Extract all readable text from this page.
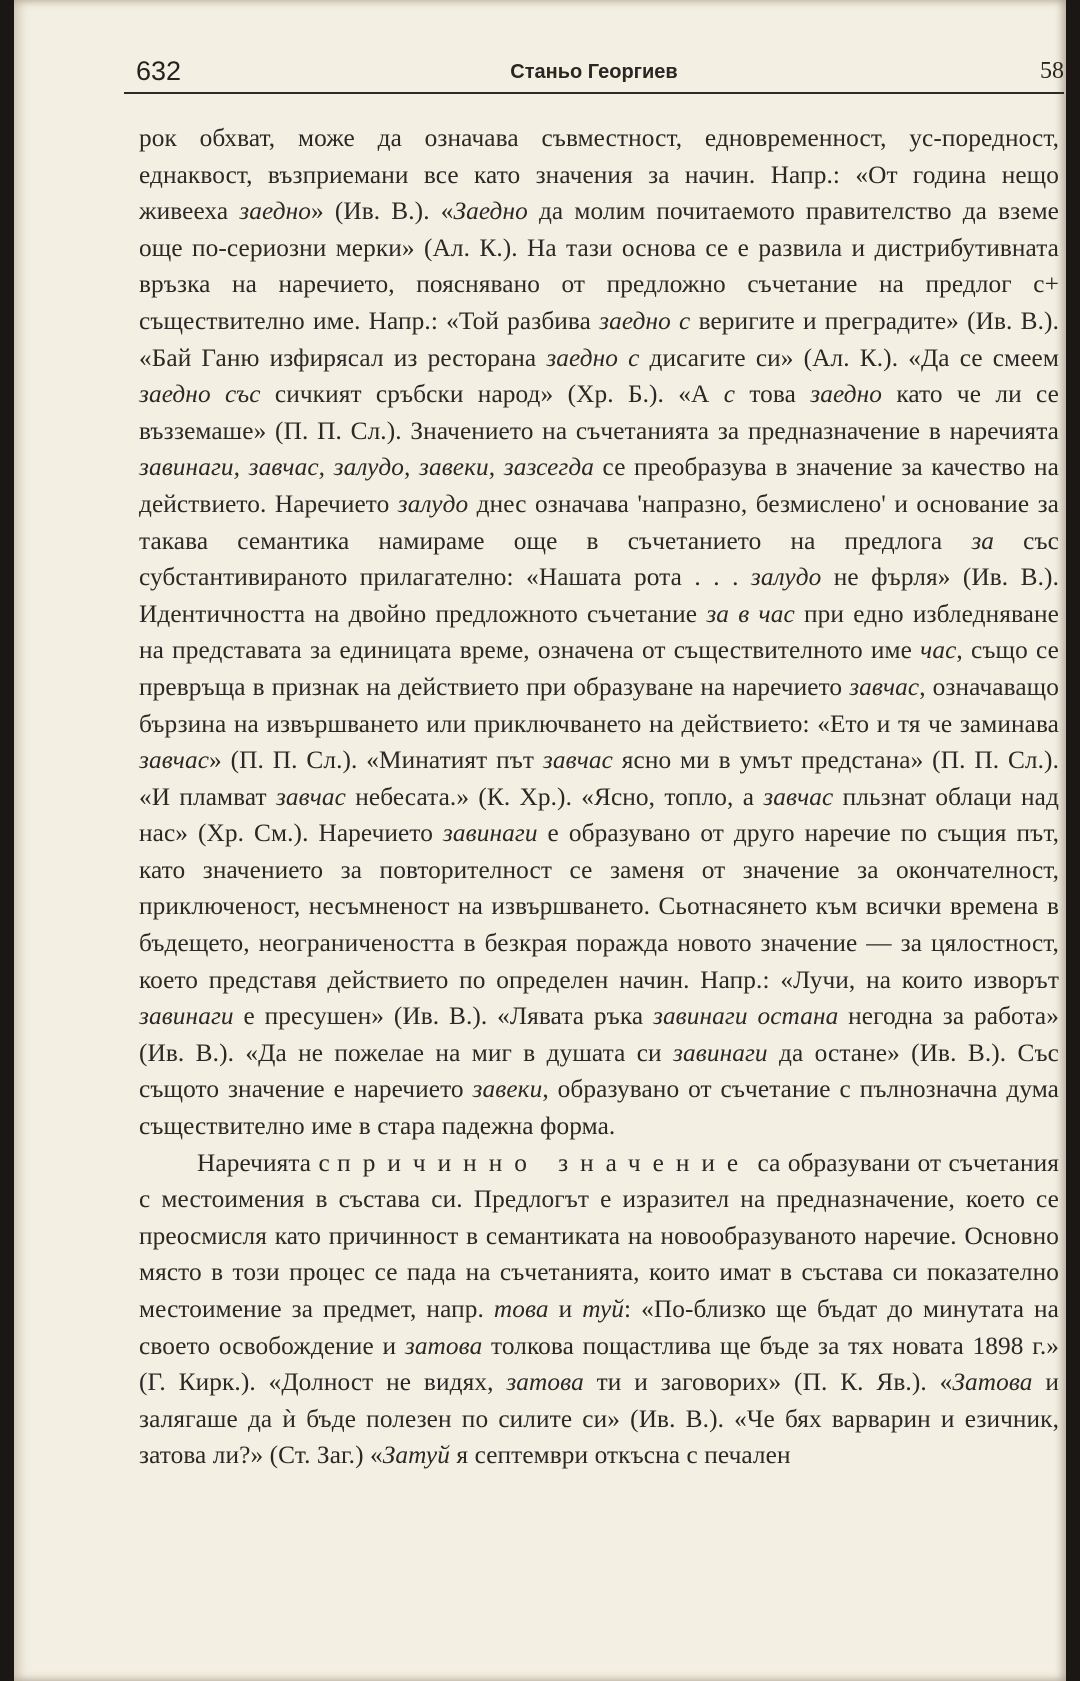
632	Станьо Георгиев	58

рок обхват, може да означава съвместност, едновременност, ус-поредност, еднаквост, възприемани все като значения за начин. Напр.: «От година нещо живееха заедно» (Ив. В.). «Заедно да молим почитаемото правителство да вземе още по-сериозни мерки» (Ал. К.). На тази основа се е развила и дистрибутивната връзка на наречието, пояснявано от предложно съчетание на предлог с+ съществително име. Напр.: «Той разбива заедно с веригите и преградите» (Ив. В.). «Бай Ганю изфирясал из ресторана заедно с дисагите си» (Ал. К.). «Да се смеем заедно със сичкият сръбски народ» (Хр. Б.). «А с това заедно като че ли се възземаше» (П. П. Сл.). Значението на съчетанията за предназначение в наречията завинаги, завчас, залудо, завеки, зазсегда се преобразува в значение за качество на действието. Наречието залудо днес означава 'напразно, безмислено' и основание за такава семантика намираме още в съчетанието на предлога за със субстантивираното прилагателно: «Нашата рота . . . залудо не фърля» (Ив. В.). Идентичността на двойно предложното съчетание за в час при едно избледняване на представата за единицата време, означена от съществителното име час, също се превръща в признак на действието при образуване на наречието завчас, означаващо бързина на извършването или приключването на действието: «Ето и тя че заминава завчас» (П. П. Сл.). «Минатият път завчас ясно ми в умът предстана» (П. П. Сл.). «И пламват завчас небесата.» (К. Хр.). «Ясно, топло, а завчас пльзнат облаци над нас» (Хр. См.). Наречието завинаги е образувано от друго наречие по същия път, като значението за повторителност се заменя от значение за окончателност, приключеност, несъмненост на извършването. Сьотнасянето към всички времена в бъдещето, неограничеността в безкрая поражда новото значение — за цялостност, което представя действието по определен начин. Напр.: «Лучи, на които изворът завинаги е пресушен» (Ив. В.). «Лявата ръка завинаги остана негодна за работа» (Ив. В.). «Да не пожелае на миг в душата си завинаги да остане» (Ив. В.). Със същото значение е наречието завеки, образувано от съчетание с пълнозначна дума съществително име в стара падежна форма.

Наречията с причинно значение са образувани от съчетания с местоимения в състава си. Предлогът е изразител на предназначение, което се преосмисля като причинност в семантиката на новообразуваното наречие. Основно място в този процес се пада на съчетанията, които имат в състава си показателно местоимение за предмет, напр. това и туй: «По-близко ще бъдат до минутата на своето освобождение и затова толкова пощастлива ще бъде за тях новата 1898 г.» (Г. Кирк.). «Долност не видях, затова ти и заговорих» (П. К. Яв.). «Затова и залягаше да ѝ бъде полезен по силите си» (Ив. В.). «Че бях варварин и езичник, затова ли?» (Ст. Заг.) «Затуй я септември откъсна с печален
